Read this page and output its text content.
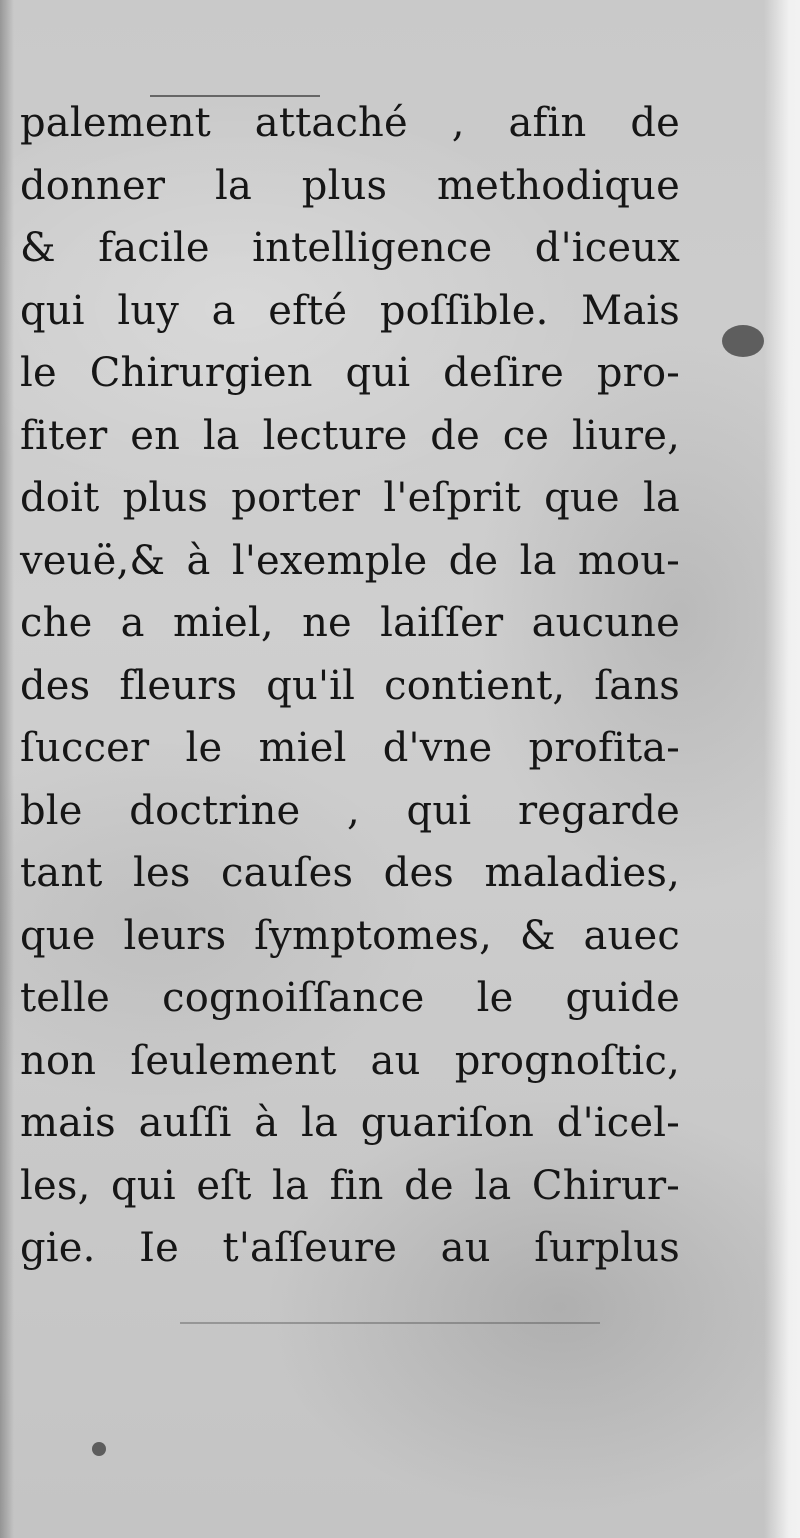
palement attaché , afin de
donner la plus methodique
& facile intelligence d'iceux
qui luy a efté poſſible. Mais
le Chirurgien qui deſire pro-
fiter en la lecture de ce liure,
doit plus porter l'eſprit que la
veuë,& à l'exemple de la mou-
che a miel, ne laiſſer aucune
des fleurs qu'il contient, ſans
ſuccer le miel d'vne profita-
ble doctrine , qui regarde
tant les cauſes des maladies,
que leurs ſymptomes, & auec
telle cognoiſſance le guide
non ſeulement au prognoſtic,
mais auſſi à la guariſon d'icel-
les, qui eſt la fin de la Chirur-
gie. Ie t'aſſeure au ſurplus
